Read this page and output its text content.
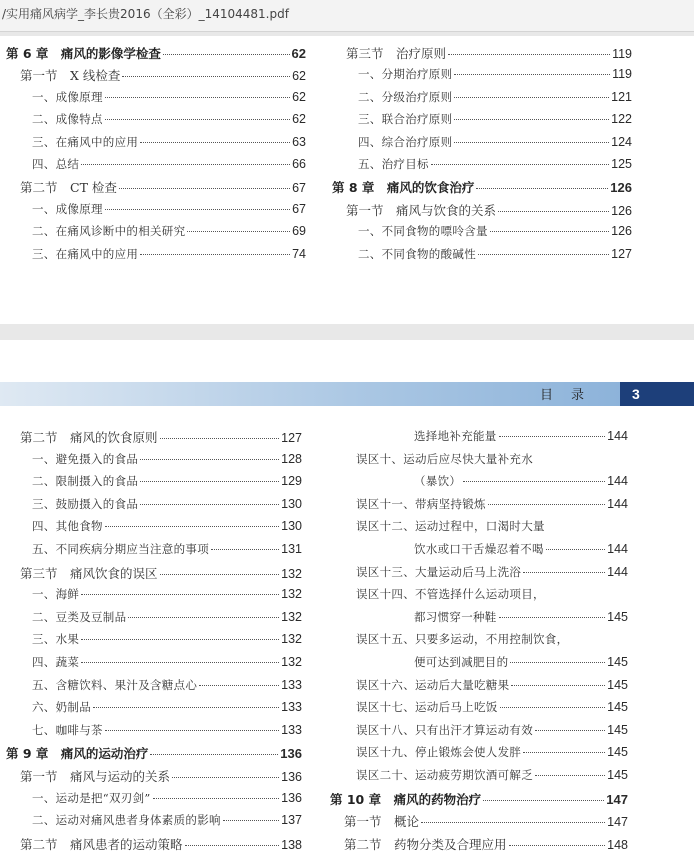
/实用痛风病学_李长贵2016（全彩）_14104481.pdf
第 6 章　痛风的影像学检查	62
第一节　X 线检查	62
一、成像原理	62
二、成像特点	62
三、在痛风中的应用	63
四、总结	66
第二节　CT 检查	67
一、成像原理	67
二、在痛风诊断中的相关研究	69
三、在痛风中的应用	74
第三节　治疗原则	119
一、分期治疗原则	119
二、分级治疗原则	121
三、联合治疗原则	122
四、综合治疗原则	124
五、治疗目标	125
第 8 章　痛风的饮食治疗	126
第一节　痛风与饮食的关系	126
一、不同食物的嘌呤含量	126
二、不同食物的酸碱性	127
目录	3
第二节　痛风的饮食原则	127
一、避免摄入的食品	128
二、限制摄入的食品	129
三、鼓励摄入的食品	130
四、其他食物	130
五、不同疾病分期应当注意的事项	131
第三节　痛风饮食的误区	132
一、海鲜	132
二、豆类及豆制品	132
三、水果	132
四、蔬菜	132
五、含糖饮料、果汁及含糖点心	133
六、奶制品	133
七、咖啡与茶	133
第 9 章　痛风的运动治疗	136
第一节　痛风与运动的关系	136
一、运动是把“双刃剑”	136
二、运动对痛风患者身体素质的影响	137
第二节　痛风患者的运动策略	138
选择地补充能量	144
误区十、运动后应尽快大量补充水
（暴饮）	144
误区十一、带病坚持锻炼	144
误区十二、运动过程中，口渴时大量
饮水或口干舌燥忍着不喝	144
误区十三、大量运动后马上洗浴	144
误区十四、不管选择什么运动项目，
都习惯穿一种鞋	145
误区十五、只要多运动，不用控制饮食，
便可达到减肥目的	145
误区十六、运动后大量吃糖果	145
误区十七、运动后马上吃饭	145
误区十八、只有出汗才算运动有效	145
误区十九、停止锻炼会使人发胖	145
误区二十、运动疲劳期饮酒可解乏	145
第 10 章　痛风的药物治疗	147
第一节　概论	147
第二节　药物分类及合理应用	148
